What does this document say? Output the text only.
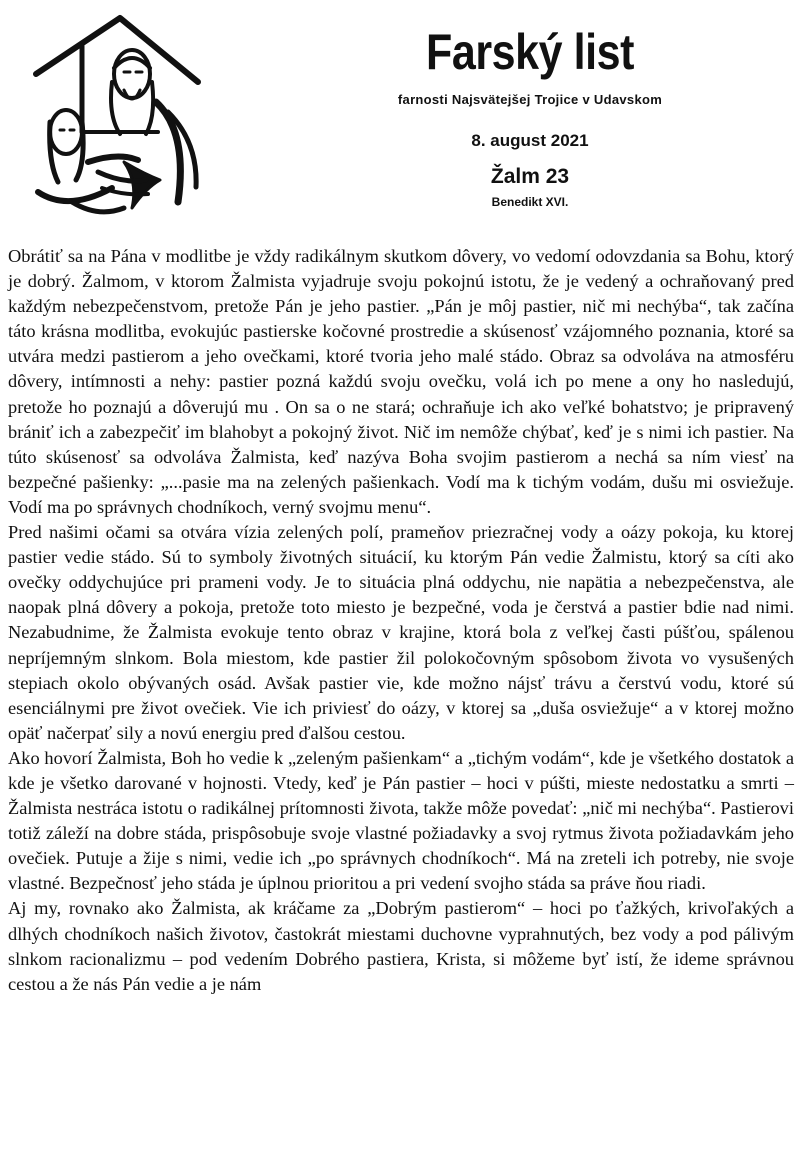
Farský list
farnosti Najsvätejšej Trojice v Udavskom
8. august 2021
Žalm 23
Benedikt XVI.

Obrátiť sa na Pána v modlitbe je vždy radikálnym skutkom dôvery, vo vedomí odovzdania sa Bohu, ktorý je dobrý. Žalmom, v ktorom Žalmista vyjadruje svoju pokojnú istotu, že je vedený a ochraňovaný pred každým nebezpečenstvom, pretože Pán je jeho pastier. „Pán je môj pastier, nič mi nechýba“, tak začína táto krásna modlitba, evokujúc pastierske kočovné prostredie a skúsenosť vzájomného poznania, ktoré sa utvára medzi pastierom a jeho ovečkami, ktoré tvoria jeho malé stádo. Obraz sa odvoláva na atmosféru dôvery, intímnosti a nehy: pastier pozná každú svoju ovečku, volá ich po mene a ony ho nasledujú, pretože ho poznajú a dôverujú mu . On sa o ne stará; ochraňuje ich ako veľké bohatstvo; je pripravený brániť ich a zabezpečiť im blahobyt a pokojný život. Nič im nemôže chýbať, keď je s nimi ich pastier. Na túto skúsenosť sa odvoláva Žalmista, keď nazýva Boha svojim pastierom a nechá sa ním viesť na bezpečné pašienky: „...pasie ma na zelených pašienkach. Vodí ma k tichým vodám, dušu mi osviežuje. Vodí ma po správnych chodníkoch, verný svojmu menu“.

Pred našimi očami sa otvára vízia zelených polí, prameňov priezračnej vody a oázy pokoja, ku ktorej pastier vedie stádo. Sú to symboly životných situácií, ku ktorým Pán vedie Žalmistu, ktorý sa cíti ako ovečky oddychujúce pri prameni vody. Je to situácia plná oddychu, nie napätia a nebezpečenstva, ale naopak plná dôvery a pokoja, pretože toto miesto je bezpečné, voda je čerstvá a pastier bdie nad nimi. Nezabudnime, že Žalmista evokuje tento obraz v krajine, ktorá bola z veľkej časti púšťou, spálenou nepríjemným slnkom. Bola miestom, kde pastier žil polokočovným spôsobom života vo vysušených stepiach okolo obývaných osád. Avšak pastier vie, kde možno nájsť trávu a čerstvú vodu, ktoré sú esenciálnymi pre život ovečiek. Vie ich priviesť do oázy, v ktorej sa „duša osviežuje“ a v ktorej možno opäť načerpať sily a novú energiu pred ďalšou cestou.

Ako hovorí Žalmista, Boh ho vedie k „zeleným pašienkam“ a „tichým vodám“, kde je všetkého dostatok a kde je všetko darované v hojnosti. Vtedy, keď je Pán pastier – hoci v púšti, mieste nedostatku a smrti – Žalmista nestráca istotu o radikálnej prítomnosti života, takže môže povedať: „nič mi nechýba“. Pastierovi totiž záleží na dobre stáda, prispôsobuje svoje vlastné požiadavky a svoj rytmus života požiadavkám jeho ovečiek. Putuje a žije s nimi, vedie ich „po správnych chodníkoch“. Má na zreteli ich potreby, nie svoje vlastné. Bezpečnosť jeho stáda je úplnou prioritou a pri vedení svojho stáda sa práve ňou riadi.

Aj my, rovnako ako Žalmista, ak kráčame za „Dobrým pastierom“ – hoci po ťažkých, krivoľakých a dlhých chodníkoch našich životov, častokrát miestami duchovne vyprahnutých, bez vody a pod pálivým slnkom racionalizmu – pod vedením Dobrého pastiera, Krista, si môžeme byť istí, že ideme správnou cestou a že nás Pán vedie a je nám
